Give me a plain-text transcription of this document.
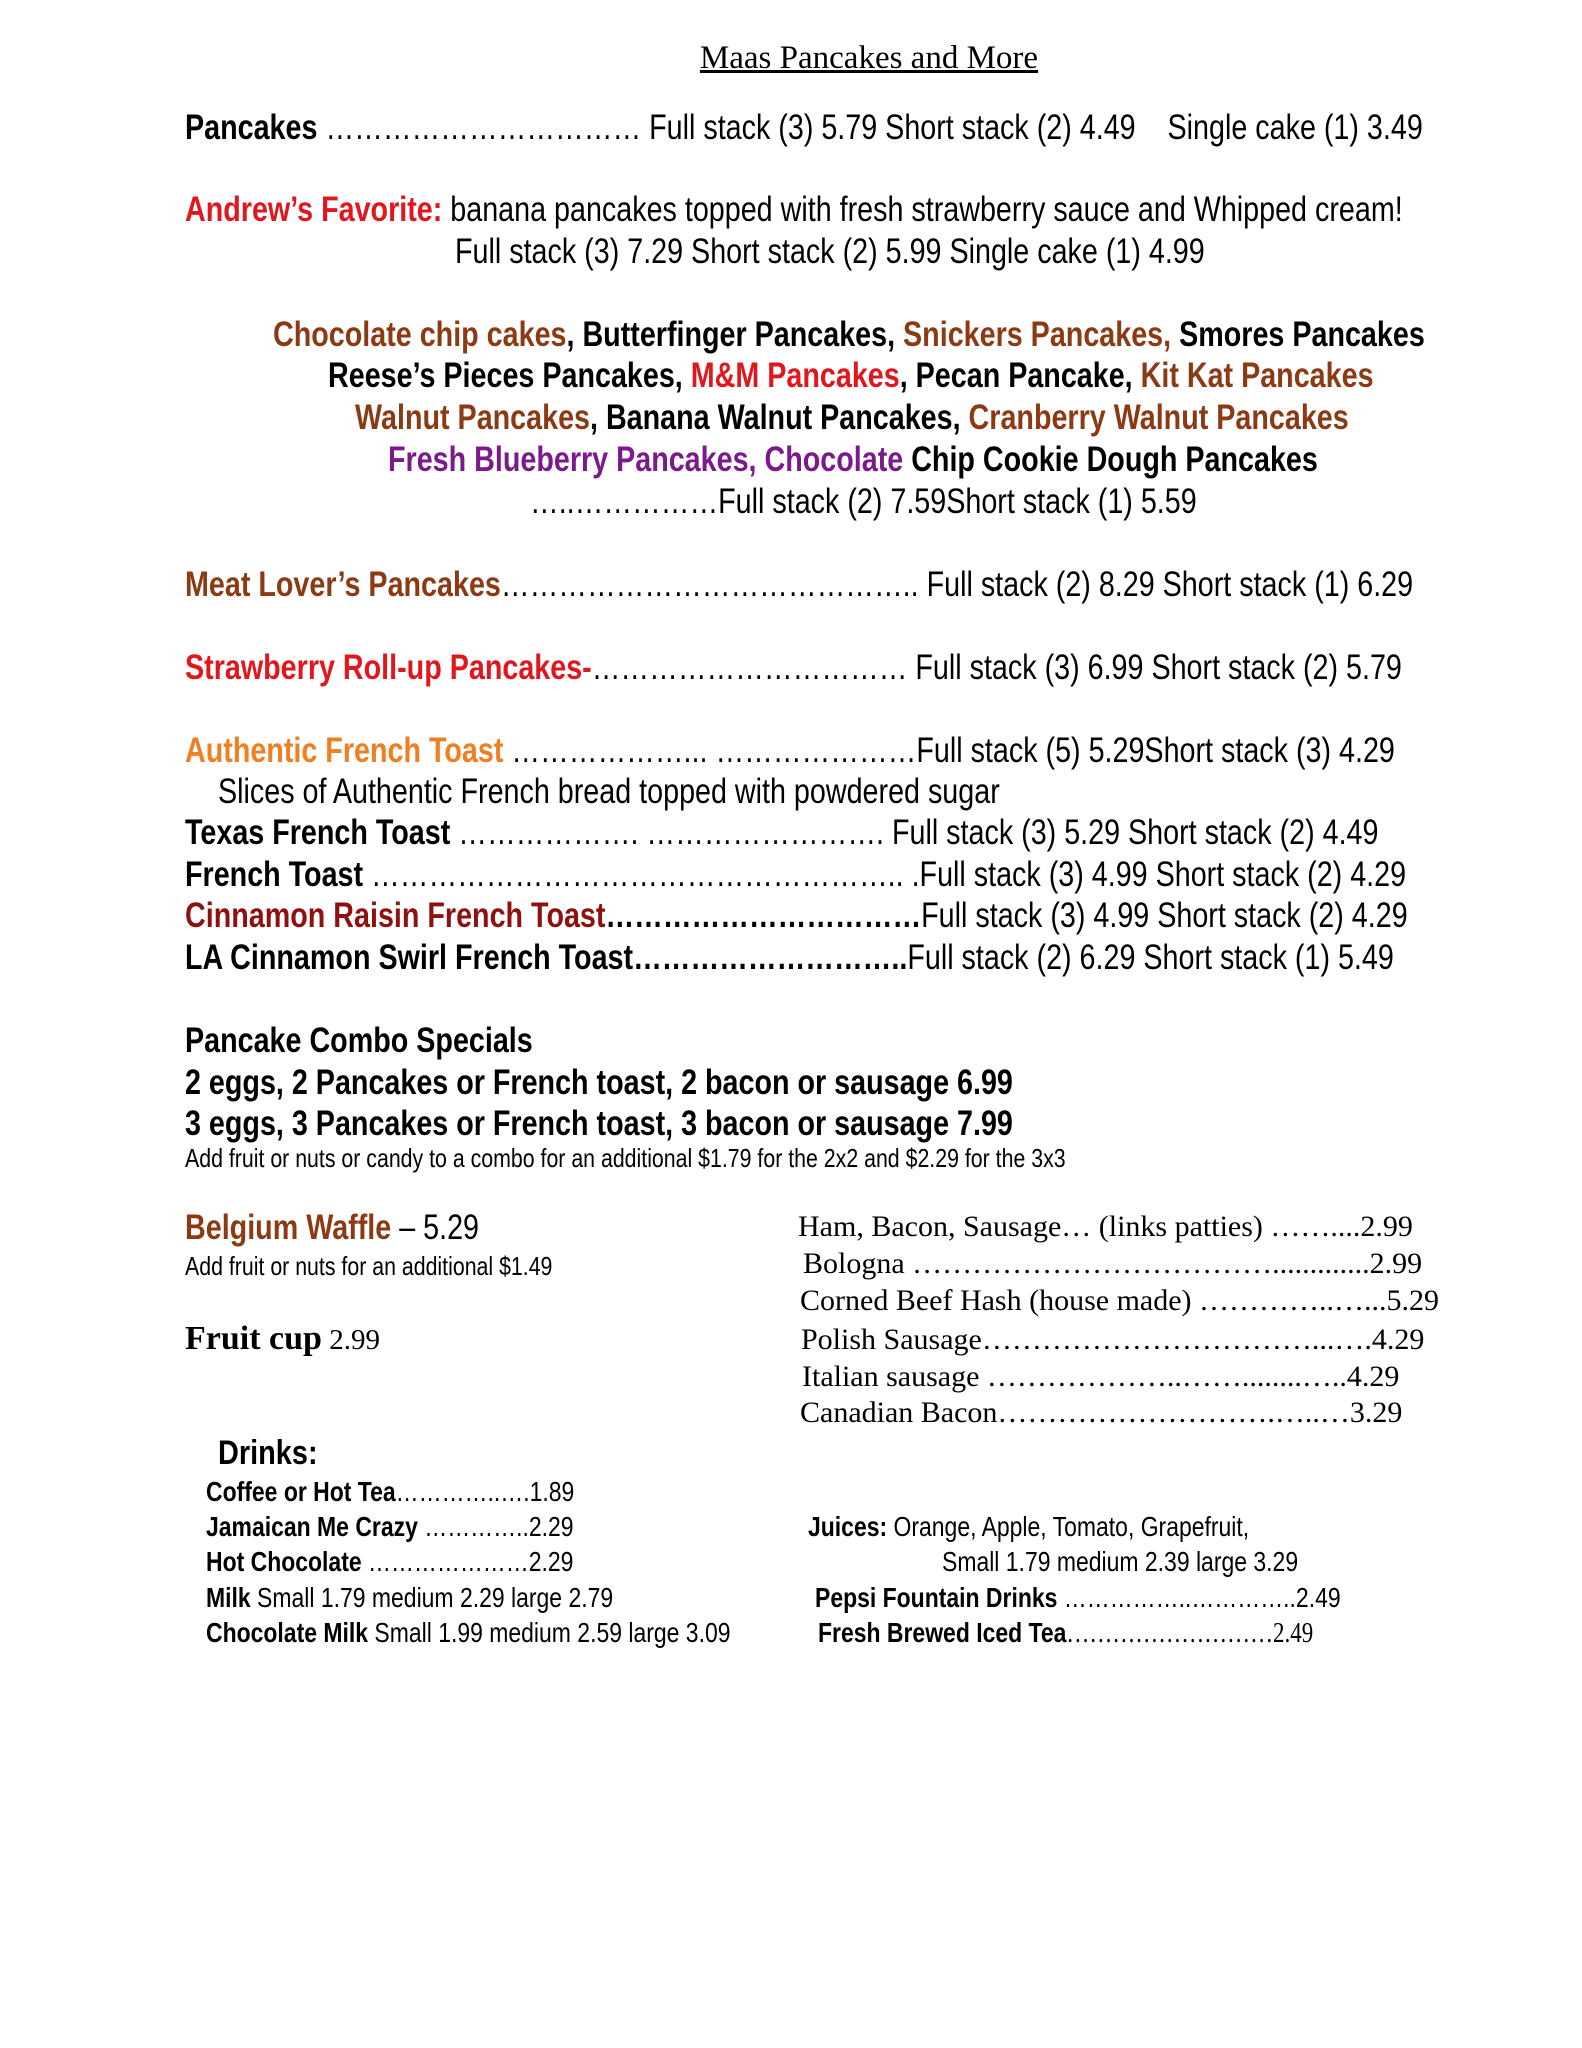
Maas Pancakes and More
Pancakes …………………………… Full stack (3) 5.79 Short stack (2) 4.49 Single cake (1) 3.49
Andrew’s Favorite: banana pancakes topped with fresh strawberry sauce and Whipped cream!
Full stack (3) 7.29 Short stack (2) 5.99 Single cake (1) 4.99
Chocolate chip cakes, Butterfinger Pancakes, Snickers Pancakes, Smores Pancakes
Reese’s Pieces Pancakes, M&M Pancakes, Pecan Pancake, Kit Kat Pancakes
Walnut Pancakes, Banana Walnut Pancakes, Cranberry Walnut Pancakes
Fresh Blueberry Pancakes, Chocolate Chip Cookie Dough Pancakes
…..……………Full stack (2) 7.59Short stack (1) 5.59
Meat Lover’s Pancakes…………………………………….. Full stack (2) 8.29 Short stack (1) 6.29
Strawberry Roll-up Pancakes-…………………………… Full stack (3) 6.99 Short stack (2) 5.79
Authentic French Toast ………………... …………………Full stack (5) 5.29Short stack (3) 4.29
Slices of Authentic French bread topped with powdered sugar
Texas French Toast ………………. ……………………. Full stack (3) 5.29 Short stack (2) 4.49
French Toast ……………………………………………….. .Full stack (3) 4.99 Short stack (2) 4.29
Cinnamon Raisin French Toast……………………………Full stack (3) 4.99 Short stack (2) 4.29
LA Cinnamon Swirl French Toast………………………..Full stack (2) 6.29 Short stack (1) 5.49
Pancake Combo Specials
2 eggs, 2 Pancakes or French toast, 2 bacon or sausage 6.99
3 eggs, 3 Pancakes or French toast, 3 bacon or sausage 7.99
Add fruit or nuts or candy to a combo for an additional $1.79 for the 2x2 and $2.29 for the 3x3
Belgium Waffle – 5.29
Add fruit or nuts for an additional $1.49
Fruit cup 2.99
Ham, Bacon, Sausage… (links patties) ……....2.99
Bologna ……………………………….............2.99
Corned Beef Hash (house made) …………..…...5.29
Polish Sausage……………………………...….4.29
Italian sausage ………………..……........…..4.29
Canadian Bacon……………………….…..…3.29
Drinks:
Coffee or Hot Tea…………..….1.89
Jamaican Me Crazy …………..2.29
Hot Chocolate …………………2.29
Milk Small 1.79 medium 2.29 large 2.79
Chocolate Milk Small 1.99 medium 2.59 large 3.09
Juices: Orange, Apple, Tomato, Grapefruit,
Small 1.79 medium 2.39 large 3.29
Pepsi Fountain Drinks ……………..…………..2.49
Fresh Brewed Iced Tea………………………2.49
